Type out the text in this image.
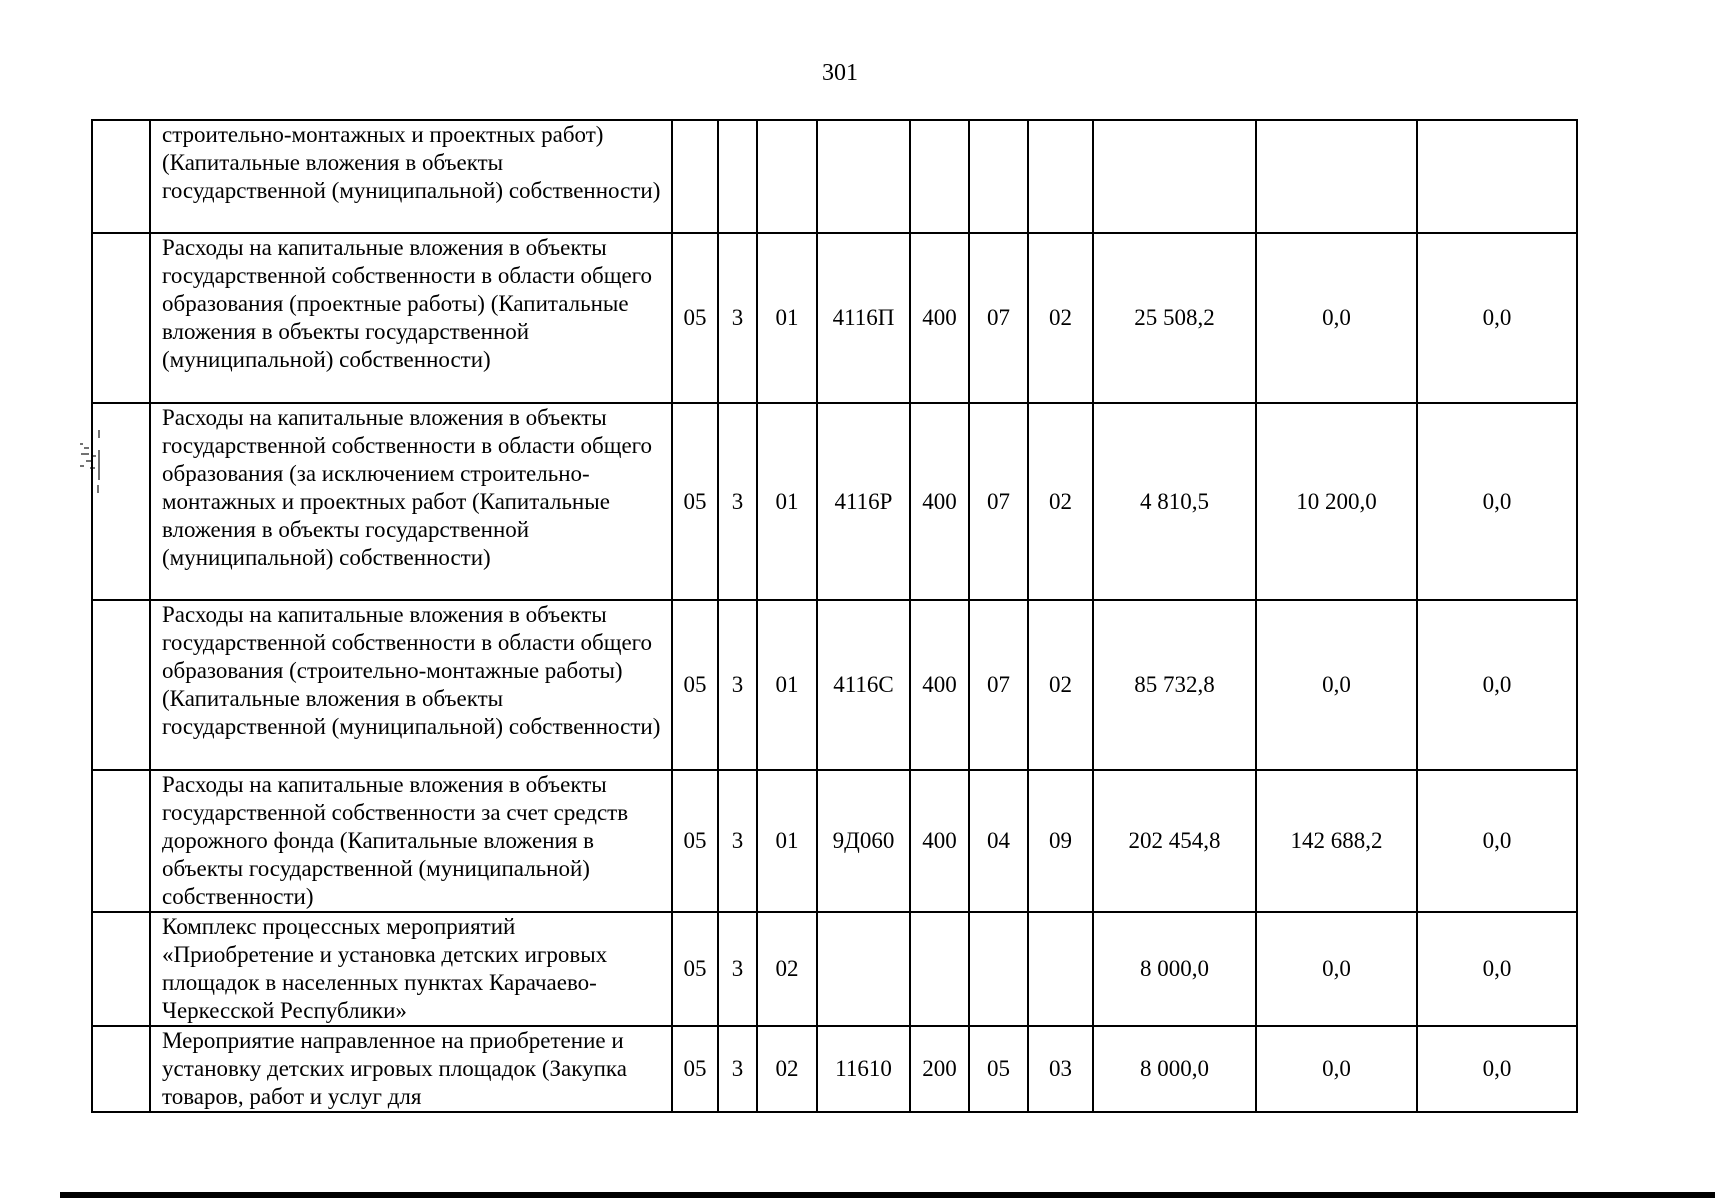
301
	строительно-монтажных и проектных работ) (Капитальные вложения в объекты государственной (муниципальной) собственности)										
	Расходы на капитальные вложения в объекты государственной собственности в области общего образования (проектные работы) (Капитальные вложения в объекты государственной (муниципальной) собственности)	05	3	01	4116П	400	07	02	25 508,2	0,0	0,0
	Расходы на капитальные вложения в объекты государственной собственности в области общего образования (за исключением строительно-монтажных и проектных работ (Капитальные вложения в объекты государственной (муниципальной) собственности)	05	3	01	4116Р	400	07	02	4 810,5	10 200,0	0,0
	Расходы на капитальные вложения в объекты государственной собственности в области общего образования (строительно-монтажные работы) (Капитальные вложения в объекты государственной (муниципальной) собственности)	05	3	01	4116С	400	07	02	85 732,8	0,0	0,0
	Расходы на капитальные вложения в объекты государственной собственности за счет средств дорожного фонда (Капитальные вложения в объекты государственной (муниципальной) собственности)	05	3	01	9Д060	400	04	09	202 454,8	142 688,2	0,0
	Комплекс процессных мероприятий «Приобретение и установка детских игровых площадок в населенных пунктах Карачаево-Черкесской Республики»	05	3	02					8 000,0	0,0	0,0
	Мероприятие направленное на приобретение и установку детских игровых площадок (Закупка товаров, работ и услуг для	05	3	02	11610	200	05	03	8 000,0	0,0	0,0
